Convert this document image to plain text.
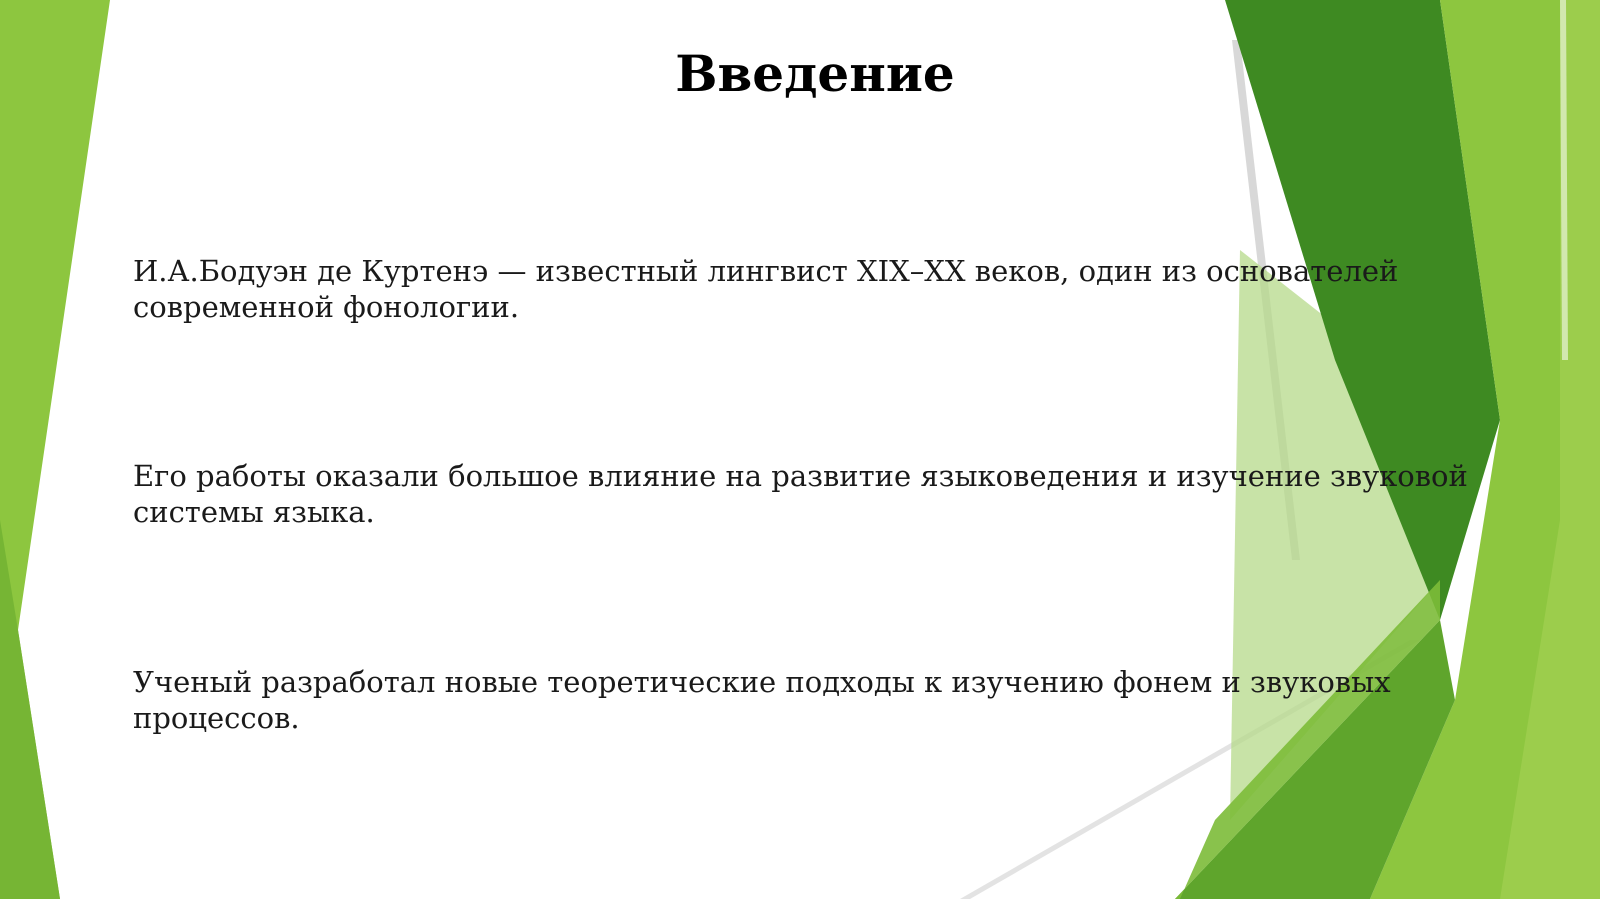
Введение

И.А.Бодуэн де Куртенэ — известный лингвист XIX–XX веков, один из основателей
современной фонологии.

Его работы оказали большое влияние на развитие языковедения и изучение звуковой
системы языка.

Ученый разработал новые теоретические подходы к изучению фонем и звуковых
процессов.
